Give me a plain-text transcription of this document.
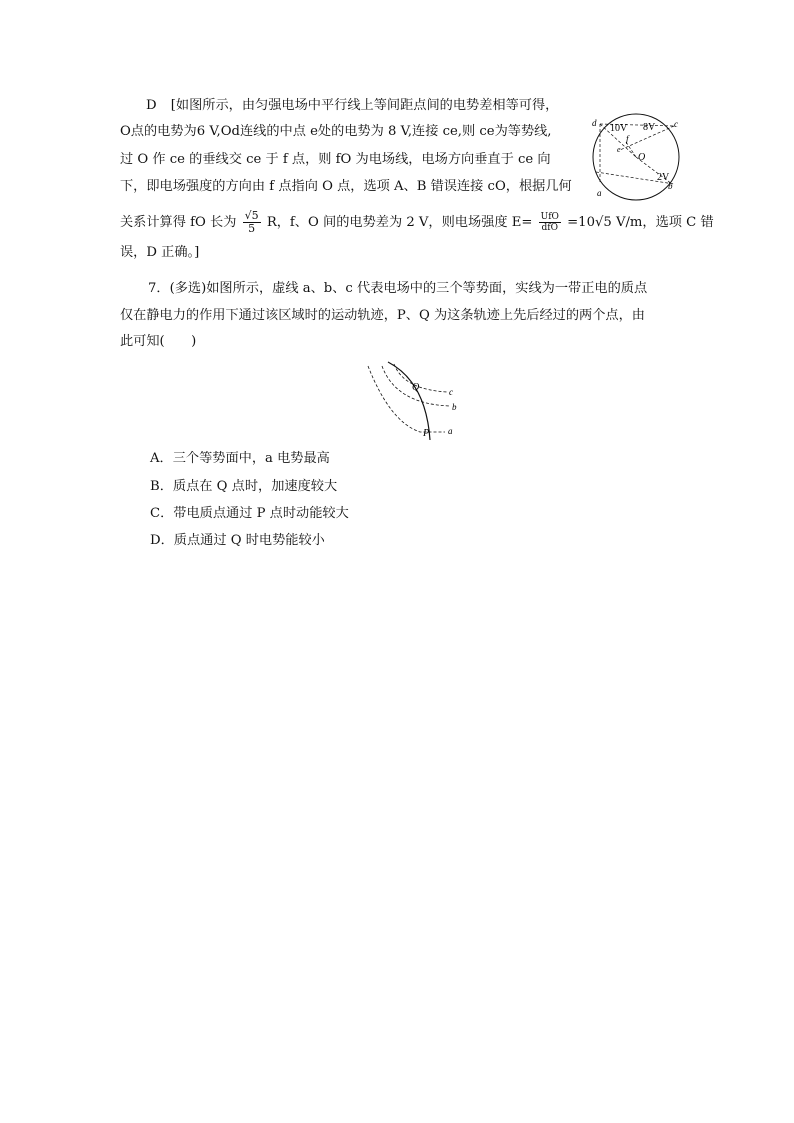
D [如图所示，由匀强电场中平行线上等间距点间的电势差相等可得，
O点的电势为6 V,Od连线的中点 e处的电势为 8 V,连接 ce,则 ce为等势线,
过 O 作 ce 的垂线交 ce 于 f 点，则 fO 为电场线，电场方向垂直于 ce 向
下，即电场强度的方向由 f 点指向 O 点，选项 A、B 错误连接 cO，根据几何
关系计算得 fO 长为 $\frac{√5}{5}$ R，f、O 间的电势差为 2 V，则电场强度 $E= \frac{\text{UfO}}{\text{dfO}} =10√5$ V/m，选项 C 错
误，D 正确。]
d 10V 8V c
f
e
O
2V
a
b
7．(多选)如图所示，虚线 a、b、c 代表电场中的三个等势面，实线为一带正电的质点
仅在静电力的作用下通过该区域时的运动轨迹，P、Q 为这条轨迹上先后经过的两个点，由
此可知(　　)
Q	c
b
P a
A．三个等势面中，a 电势最高
B．质点在 Q 点时，加速度较大
C．带电质点通过 P 点时动能较大
D．质点通过 Q 时电势能较小
